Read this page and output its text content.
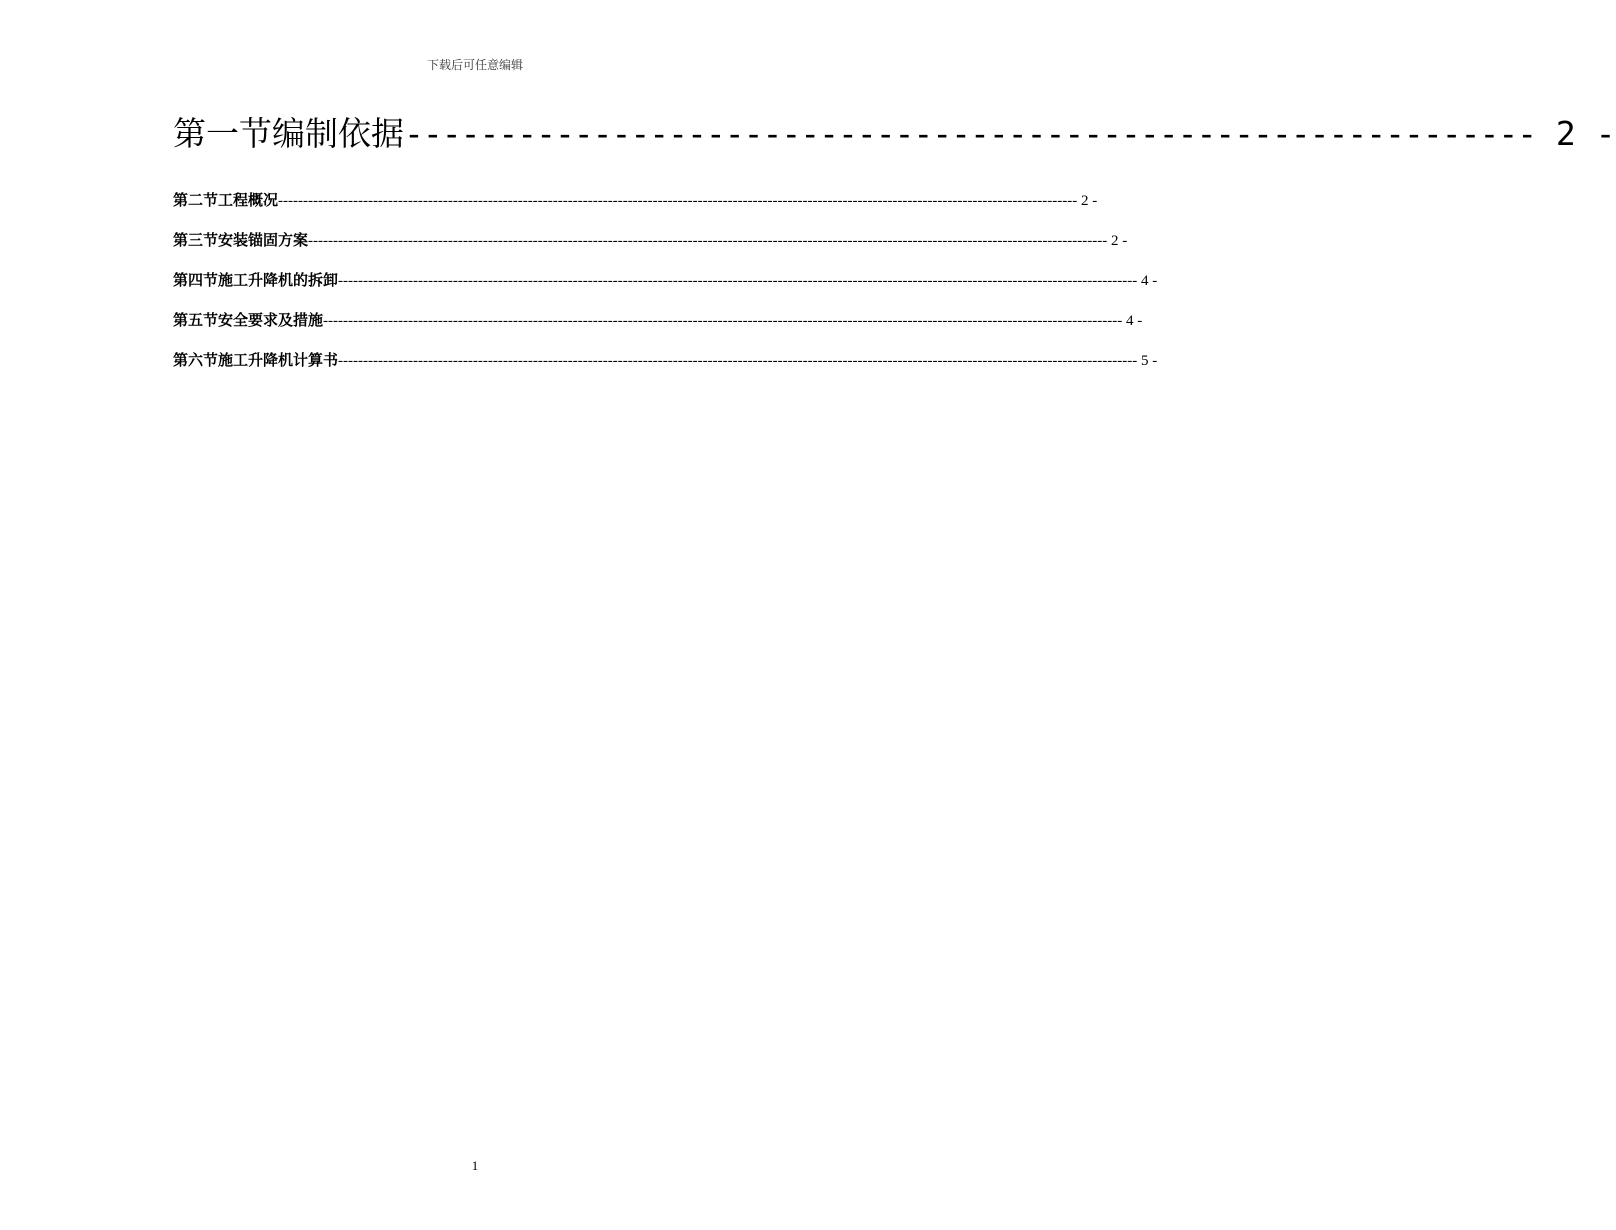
下载后可任意编辑
第一节 编制依据 ------------------------------------------------------------ 2 -
第二节 工程概况 ---------------------------------------------------------------------------------------------------------------------------------------------------------------- 2 -
第三节 安装锚固方案 ---------------------------------------------------------------------------------------------------------------------------------------------------------------- 2 -
第四节 施工升降机的拆卸 ---------------------------------------------------------------------------------------------------------------------------------------------------------------- 4 -
第五节 安全要求及措施 ---------------------------------------------------------------------------------------------------------------------------------------------------------------- 4 -
第六节 施工升降机计算书 ---------------------------------------------------------------------------------------------------------------------------------------------------------------- 5 -
1
